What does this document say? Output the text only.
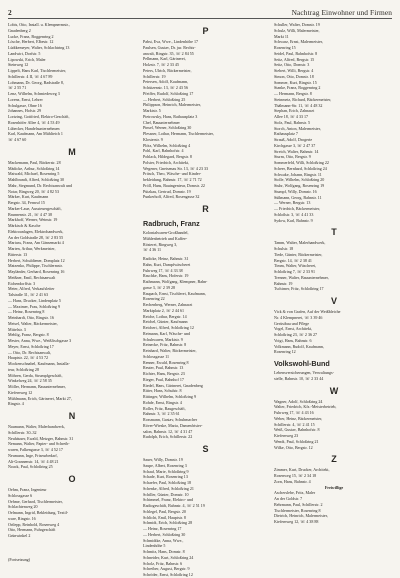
2	Nachtrag Einwohner und Firmen
Lobis, Otto, Install. u. Klempnermstr.,
Gnadenberg 2
Lucke, Franz, Boggenring 2
Lösche, Herbert, Elbestr. 12
Lüdtkemeyer, Walter, Schlachtring 13
Landwirt, Dorfstr. 5
Lipowski, Erich, Maler
Steinweg 12
Lippelt, Hans Karl, Tischlermeister,
Schillerstr. 4 II, ☏ 4 67 89
Lohmann, Dr. Georg, Badstraße 8,
☏ 2 55 71
Lenz, Wilhelm, Schmiedeweg 3
Lorenz, Ernst, Lehrer
Schulgasse, Ohne 16
Johannes, Hofstr. 29
Lortzing, Gottfried, Elektro-Geschäft,
Rosenhöfer Allee 4, ☏ 4 53 49
Lübecker, Handelsunternehmen
Karl, Kaufmann, Am Mühlteich 1
☏ 4 67 60
M
Mackemann, Paul, Bäckerstr. 28
Mädicke, Arthur, Schloßring 14
Maiwald, Michael, Rosenring 5
Mahlbrandt, Alfred, Schloßring 30
Mahr, Siegmund, Dr. Rechtsanwalt und
Notar, Ringweg 20, ☏ 4 82 53
Märker, Kurt, Kaufmann
Bergstr. 34, Fernruf 15
Marker-Laue, Aussteuergeschäft,
Brunnenstr. 21, ☏ 4 47 38
Markhoff, Werner, Weinstr. 19
Märkisch & Kasche
Elektroanlagen, Elektrohandwerk,
An der Goldstraße 28, ☏ 2 83 55
Mariuss, Franz, Am Gänsemarkt 4
Marten, Arthur, Werkmeister,
Bitterstr. 13
Herbert, Schuldiener, Domplatz 12
Matzenko, Philippe, Tischlermstr.
Mayländer, Gerhard, Rosenring 16
Meißner, Emil, Rechtsanwalt
Eichendorffstr. 3
Meier, Alfred, Verkaufsleiter
Talstraße 31, ☏ 2 41 63
— Hans, Drucker, Lindenplatz 5
— Maximer, Frau, Schloßring 9
— Heinz, Rosenring 8
Meinhardt, Otto, Ringstr. 16
Meisel, Walter, Bäckermeister,
Mittelstr. 3
Mehlig, Franz, Bergstr. 8
Mester, Anna, Wwe., Weißfischgasse 3
Meyer, Ernst, Schloßring 17
— Otto, Dr. Rechtsanwalt,
Hauptstr. 22, ☏ 4 53 72
Mockenschnabel, Kaufmann, Installa-
teur, Schloßring 28
Möhren, Gerda, Strumpfgeschäft,
Winkelweg 24, ☏ 2 58 35
Möller, Hermann, Bauunternehmer,
Kiefernweg 12
Mühlmann, Erich, Gärtnerei, Markt 27,
Ringstr. 4
N
Naumann, Walter, Malerhandwerk,
Schillerstr. 30–32
Neuhäuser, Ewald, Metzger, Bahnstr. 31
Nemann, Walter, Papier- und Schreib-
waren, Falkengasse 3, ☏ 4 52 17
Neumann, Inge, Friseurbedarf,
Alt-Grannenstr. 14, ☏ 4 48 21
Noack, Paul, Schloßring 25
O
Oehm, Franz, Ingenieur
Schlossgasse 6
Oehme, Gerhard, Tischlermeister,
Schlachtenweg 20
Oelmann, Ingrid, Bekleidung, Textil-
ware, Ringstr. 16
Ortlepp, Reinhold, Rosenweg 4
Otto, Hermann, Fuhrgeschäft
Grünwinkel 2
P
Pabst, Eva, Wwe., Lindenhöhe 17
Paulsen, Gustav, Dr. jur. Rechts-
anwalt, Ringstr. 35, ☏ 2 84 55
Pellmann, Karl, Gärtnerei,
Holzstr. 7, ☏ 2 33 45
Peters, Ulrich, Bäckermeister,
Schillerstr. 19
Petersen, Adolf, Kaufmann,
Schützenstr. 13, ☏ 2 43 56
Pfeiffer, Rudolf, Schloßring 17
— Herbert, Schloßring 25
Philippson, Heinrich, Malermeister,
Marktstr. 5
Pietrowsky, Hans, Rathausplatz 3
Chef, Bauunternehmer
Pinsel, Werner, Schloßring 30
Plessner, Lothar, Hermann, Tischlermeister,
Klosterstr. 9
Plötz, Wilhelm, Schloßring 4
Pohl, Karl, Bahnhofstr. 4
Pohlack, Hildegard, Bergstr. 8
Polster, Friedrich, Architekt,
Wegener, Gneisenau Str. 13, ☏ 4 23 33
Pritsch, Theo, Wäsche- und Kinder-
bekleidung, Bahnstr. 17, ☏ 2 71 72
Pröll, Hans, Bauingenieur, Domstr. 22
Pützkau, Gertrud, Domstr. 19
Punkerhoff, Alfred, Rosengasse 32
R
Radbruch, Franz
Kolonialwaren-Großhandel,
Mühlenbetrieb und Kaffee-
Rösterei, Ringweg 3,
☏ 4 36 11
Radicke, Heinz, Bahnstr. 31
Rahn, Kurt, Dampfwäscherei
Fuhrweg 17, ☏ 4 33 38
Raschke, Hans, Hoferstr. 19
Rathmann, Wolfgang, Klempner, Bahn-
gasse 3, ☏ 2 39 28
Raupach, Ernst, Tischlerei, Kaufmann,
Rosenring 22
Rechenberg, Werner, Zahnarzt
Marktplatz 2, ☏ 2 44 61
Reiche, Lothar, Bergstr. 14
Reichel, Günter, Kaufmann
Reichert, Alfred, Schloßring 12
Reimann, Karl, Wäsche- und
Schuhwaren, Marktstr. 9
Reinecke, Fritz, Bahnstr. 8
Reinhard, Walter, Bäckermeister,
Schlossgasse 11
Renner, Ewald, Rosenring 8
Reuter, Paul, Bahnstr. 13
Richter, Hans, Bergstr. 23
Rieger, Paul, Bahnhof 17
Riedel, Hans, Gärtnerei, Gnadenberg
Ritter, Hans, Schulstr. 8
Rittinger, Wilhelm, Schloßring 9
Rohde, Ernst, Ringstr. 4
Roller, Fritz, Baugeschäft,
Bahnstr. 3, ☏ 2 35 61
Rossmann, Gustav, Schuhmacher
Röver-Wieske, Maria, Damenfrisier-
salon, Bahnstr. 12, ☏ 4 31 47
Rudolph, Erich, Schillerstr. 22
S
Sauer, Willy, Domstr. 19
Saupe, Albert, Rosenring 3
Schaaf, Marie, Schloßring 9
Schade, Kurt, Rosenring 13
Schaefer, Paul, Schloßring 18
Schenke, Alfred, Schloßring 21
Schiller, Günter, Domstr. 10
Schimmel, Franz, Elektro- und
Radiogeschäft, Bahnstr. 4, ☏ 2 51 19
Schlegel, Paul, Bergstr. 20
Schlicht, Emil, Hauptstr. 8
Schmidt, Erich, Schloßring 28
— Heinz, Rosenring 17
— Herbert, Schloßring 30
Schmidtke, Anna, Wwe.,
Lindenhöhe 5
Schmitz, Hans, Domstr. 8
Schneider, Kurt, Schloßring 24
Scholz, Fritz, Bahnstr. 6
Schreiber, August, Bergstr. 9
Schröder, Ernst, Schloßring 12
Schuller, Walter, Domstr. 19
Schulz, Willi, Malermeister,
Markt 11
Schwarz, Ernst, Malermeister,
Rosenring 15
Seidel, Paul, Bahnhofstr. 8
Seitz, Alfred, Bergstr. 15
Seitz, Otto, Domstr. 3
Siebert, Willi, Bergstr. 4
Simon, Otto, Domstr. 18
Sommer, Kurt, Ringstr. 15
Stanke, Franz, Boggenring 2
— Hermann, Bergstr. 8
Steinmetz, Richard, Bäckermeister,
Thälmann-Str. 11, ☏ 4 48 32
Stephan, Erich, Zahnarzt
Allee 18, ☏ 4 33 17
Stolz, Paul, Bahnstr. 5
Storch, Anton, Malermeister,
Rathausplatz 7
Strauß, Adolf, Drogerie
Kirchgasse 3, ☏ 2 47 37
Streich, Walter, Bahnstr. 14
Sturm, Otto, Bergstr. 9
Sommerfeld, Willi, Schloßring 22
Scheer, Bernhard, Schloßring 24
Schwake, Johann, Ringstr. 11
Stolle, Wilhelm, Schloßring 20
Stuhr, Wolfgang, Rosenring 19
Stumpf, Willy, Domstr. 16
Süßmann, Georg, Bahnstr. 11
— Werner, Bergstr. 13
— Friedrich, Bäckermeister,
Schloßstr. 3, ☏ 4 41 33
Sydow, Karl, Bahnstr. 9
T
Tamm, Walter, Malerhandwerk,
Schulstr. 18
Tiede, Günter, Bäckermeister,
Bergstr. 14, ☏ 2 38 41
Timm, Walter, Wäscherei,
Schloßring 7, ☏ 2 33 91
Trenner, Walter, Bauunternehmer,
Bahnstr. 19
Tschirner, Fritz, Schloßring 17
V
Vick & von Grafen, Auf der Weißbleiche
Nr. 4 Klempnerei, ☏ 3 39 46
Gerüstbau und Pflege
Vogel, Ernst, Architekt,
Schloßring 23, ☏ 2 36 27
Voigt, Hans, Bahnstr. 6
Volkmann, Rudolf, Kaufmann,
Rosenring 12
Volkswohl-Bund
Lebensversicherungen, Verwaltungs-
stelle, Bahnstr. 10, ☏ 2 33 44
W
Wagner, Adolf, Schloßring 24
Walter, Friedrich, Kfz.-Meisterbetrieb,
Fuhrweg 17, ☏ 4 43 16
Weber, Heinz, Bäckermeister,
Schillerstr. 4, ☏ 2 41 15
Weiß, Gustav, Bahnhofstr. 8
Kiefernweg 23
Wendt, Paul, Schloßring 21
Wilke, Otto, Bergstr. 12
Z
Zimmer, Kurt, Drucker, Architekt,
Rosenweg 15, ☏ 2 34 18
Zorn, Hans, Bahnstr. 4
Freiwillige
Ascherslebe, Fritz, Maler
An der Goldstr. 7
Behrmann, Paul, Schillerstr. 2
Tischlermeister, Rosenring 8
Dietrich, Heinrich, Malermeister,
Kiefernweg 12, ☏ 4 38 88
(Fortsetzung)
